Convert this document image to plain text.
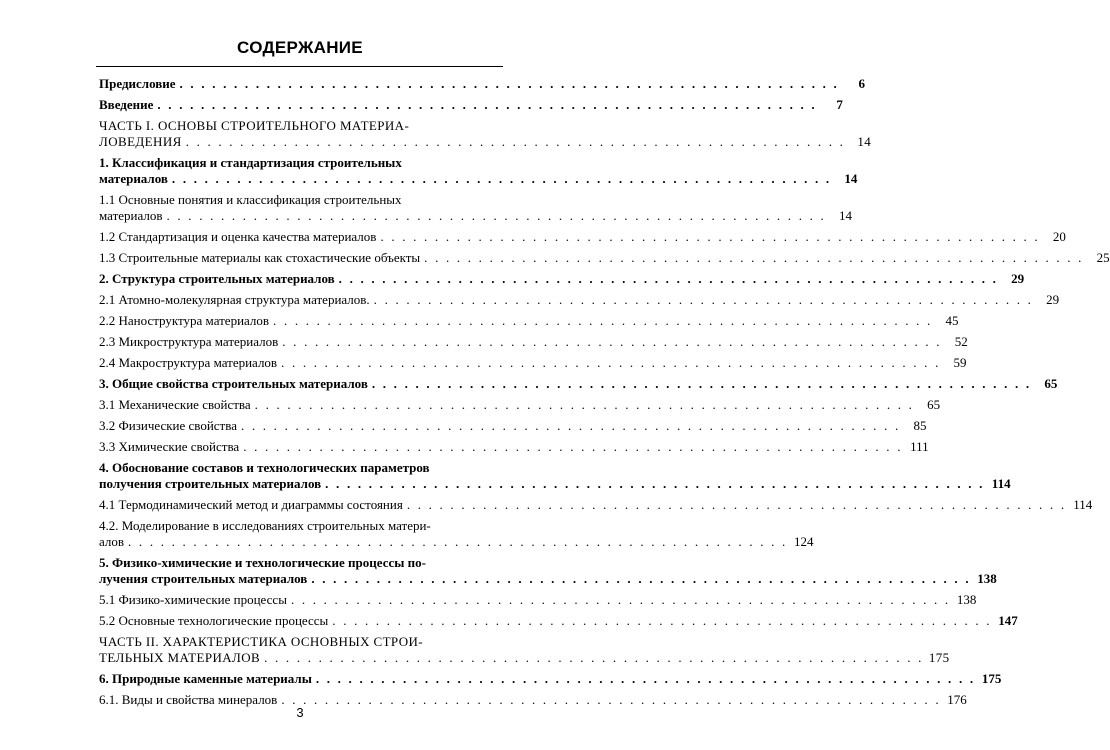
СОДЕРЖАНИЕ
Предисловие . . . . . . . . . . . . . . . . . . . . . . . . . . . . . . . . . . . . . . . . . . . . . . . . . . . . . . . . . . . . .	6
Введение . . . . . . . . . . . . . . . . . . . . . . . . . . . . . . . . . . . . . . . . . . . . . . . . . . . . . . . . . . . . .	7
ЧАСТЬ I. ОСНОВЫ СТРОИТЕЛЬНОГО МАТЕРИА-
ЛОВЕДЕНИЯ . . . . . . . . . . . . . . . . . . . . . . . . . . . . . . . . . . . . . . . . . . . . . . . . . . . . . . . . . . . . . 14
1. Классификация и стандартизация строительных
материалов . . . . . . . . . . . . . . . . . . . . . . . . . . . . . . . . . . . . . . . . . . . . . . . . . . . . . . . . . . . . .	14
1.1 Основные понятия и классификация строительных
материалов . . . . . . . . . . . . . . . . . . . . . . . . . . . . . . . . . . . . . . . . . . . . . . . . . . . . . . . . . . . . .	14
1.2 Стандартизация и оценка качества материалов . . . . . . . . . . . . . . . . . . . . . . . . . . . . . . . . . . . . . . . . . . . . . . . . . . . . . . . . . . . . .	20
1.3 Строительные материалы как стохастические объекты . . . . . . . . . . . . . . . . . . . . . . . . . . . . . . . . . . . . . . . . . . . . . . . . . . . . . . . . . . . . .	25
2. Структура строительных материалов . . . . . . . . . . . . . . . . . . . . . . . . . . . . . . . . . . . . . . . . . . . . . . . . . . . . . . . . . . . . .	29
2.1 Атомно-молекулярная структура материалов. . . . . . . . . . . . . . . . . . . . . . . . . . . . . . . . . . . . . . . . . . . . . . . . . . . . . . . . . . . . . .	29
2.2 Наноструктура материалов . . . . . . . . . . . . . . . . . . . . . . . . . . . . . . . . . . . . . . . . . . . . . . . . . . . . . . . . . . . . .	45
2.3 Микроструктура материалов . . . . . . . . . . . . . . . . . . . . . . . . . . . . . . . . . . . . . . . . . . . . . . . . . . . . . . . . . . . . .	52
2.4 Макроструктура материалов . . . . . . . . . . . . . . . . . . . . . . . . . . . . . . . . . . . . . . . . . . . . . . . . . . . . . . . . . . . . .	59
3. Общие свойства строительных материалов . . . . . . . . . . . . . . . . . . . . . . . . . . . . . . . . . . . . . . . . . . . . . . . . . . . . . . . . . . . . .	65
3.1 Механические свойства . . . . . . . . . . . . . . . . . . . . . . . . . . . . . . . . . . . . . . . . . . . . . . . . . . . . . . . . . . . . .	65
3.2 Физические свойства . . . . . . . . . . . . . . . . . . . . . . . . . . . . . . . . . . . . . . . . . . . . . . . . . . . . . . . . . . . . .	85
3.3 Химические свойства . . . . . . . . . . . . . . . . . . . . . . . . . . . . . . . . . . . . . . . . . . . . . . . . . . . . . . . . . . . . . 111
4. Обоснование составов и технологических параметров
получения строительных материалов . . . . . . . . . . . . . . . . . . . . . . . . . . . . . . . . . . . . . . . . . . . . . . . . . . . . . . . . . . . . . 114
4.1 Термодинамический метод и диаграммы состояния . . . . . . . . . . . . . . . . . . . . . . . . . . . . . . . . . . . . . . . . . . . . . . . . . . . . . . . . . . . . . 114
4.2. Моделирование в исследованиях строительных матери-
алов . . . . . . . . . . . . . . . . . . . . . . . . . . . . . . . . . . . . . . . . . . . . . . . . . . . . . . . . . . . . . 124
5. Физико-химические и технологические процессы по-
лучения строительных материалов . . . . . . . . . . . . . . . . . . . . . . . . . . . . . . . . . . . . . . . . . . . . . . . . . . . . . . . . . . . . . 138
5.1 Физико-химические процессы . . . . . . . . . . . . . . . . . . . . . . . . . . . . . . . . . . . . . . . . . . . . . . . . . . . . . . . . . . . . . 138
5.2 Основные технологические процессы . . . . . . . . . . . . . . . . . . . . . . . . . . . . . . . . . . . . . . . . . . . . . . . . . . . . . . . . . . . . . 147
ЧАСТЬ II. ХАРАКТЕРИСТИКА ОСНОВНЫХ СТРОИ-
ТЕЛЬНЫХ МАТЕРИАЛОВ . . . . . . . . . . . . . . . . . . . . . . . . . . . . . . . . . . . . . . . . . . . . . . . . . . . . . . . . . . . . . 175
6. Природные каменные материалы . . . . . . . . . . . . . . . . . . . . . . . . . . . . . . . . . . . . . . . . . . . . . . . . . . . . . . . . . . . . . 175
6.1. Виды и свойства минералов . . . . . . . . . . . . . . . . . . . . . . . . . . . . . . . . . . . . . . . . . . . . . . . . . . . . . . . . . . . . . 176
3
